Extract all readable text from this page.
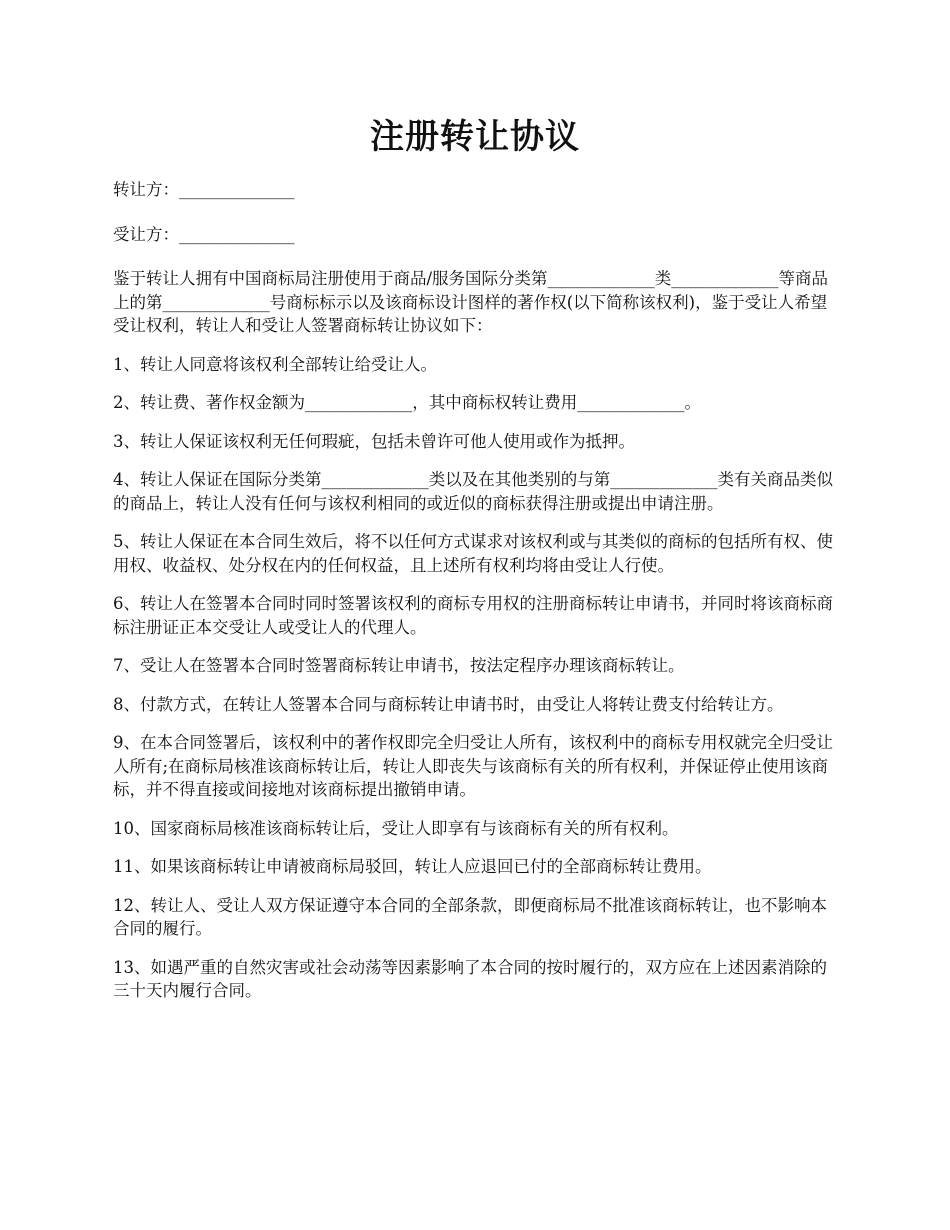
注册转让协议

转让方：______________

受让方：______________

鉴于转让人拥有中国商标局注册使用于商品/服务国际分类第_____________类_____________等商品上的第_____________号商标标示以及该商标设计图样的著作权(以下简称该权利)，鉴于受让人希望受让权利，转让人和受让人签署商标转让协议如下：

1、转让人同意将该权利全部转让给受让人。

2、转让费、著作权金额为_____________，其中商标权转让费用_____________。

3、转让人保证该权利无任何瑕疵，包括未曾许可他人使用或作为抵押。

4、转让人保证在国际分类第_____________类以及在其他类别的与第_____________类有关商品类似的商品上，转让人没有任何与该权利相同的或近似的商标获得注册或提出申请注册。

5、转让人保证在本合同生效后，将不以任何方式谋求对该权利或与其类似的商标的包括所有权、使用权、收益权、处分权在内的任何权益，且上述所有权利均将由受让人行使。

6、转让人在签署本合同时同时签署该权利的商标专用权的注册商标转让申请书，并同时将该商标商标注册证正本交受让人或受让人的代理人。

7、受让人在签署本合同时签署商标转让申请书，按法定程序办理该商标转让。

8、付款方式，在转让人签署本合同与商标转让申请书时，由受让人将转让费支付给转让方。

9、在本合同签署后，该权利中的著作权即完全归受让人所有，该权利中的商标专用权就完全归受让人所有;在商标局核准该商标转让后，转让人即丧失与该商标有关的所有权利，并保证停止使用该商标，并不得直接或间接地对该商标提出撤销申请。

10、国家商标局核准该商标转让后，受让人即享有与该商标有关的所有权利。

11、如果该商标转让申请被商标局驳回，转让人应退回已付的全部商标转让费用。

12、转让人、受让人双方保证遵守本合同的全部条款，即便商标局不批准该商标转让，也不影响本合同的履行。

13、如遇严重的自然灾害或社会动荡等因素影响了本合同的按时履行的，双方应在上述因素消除的三十天内履行合同。
